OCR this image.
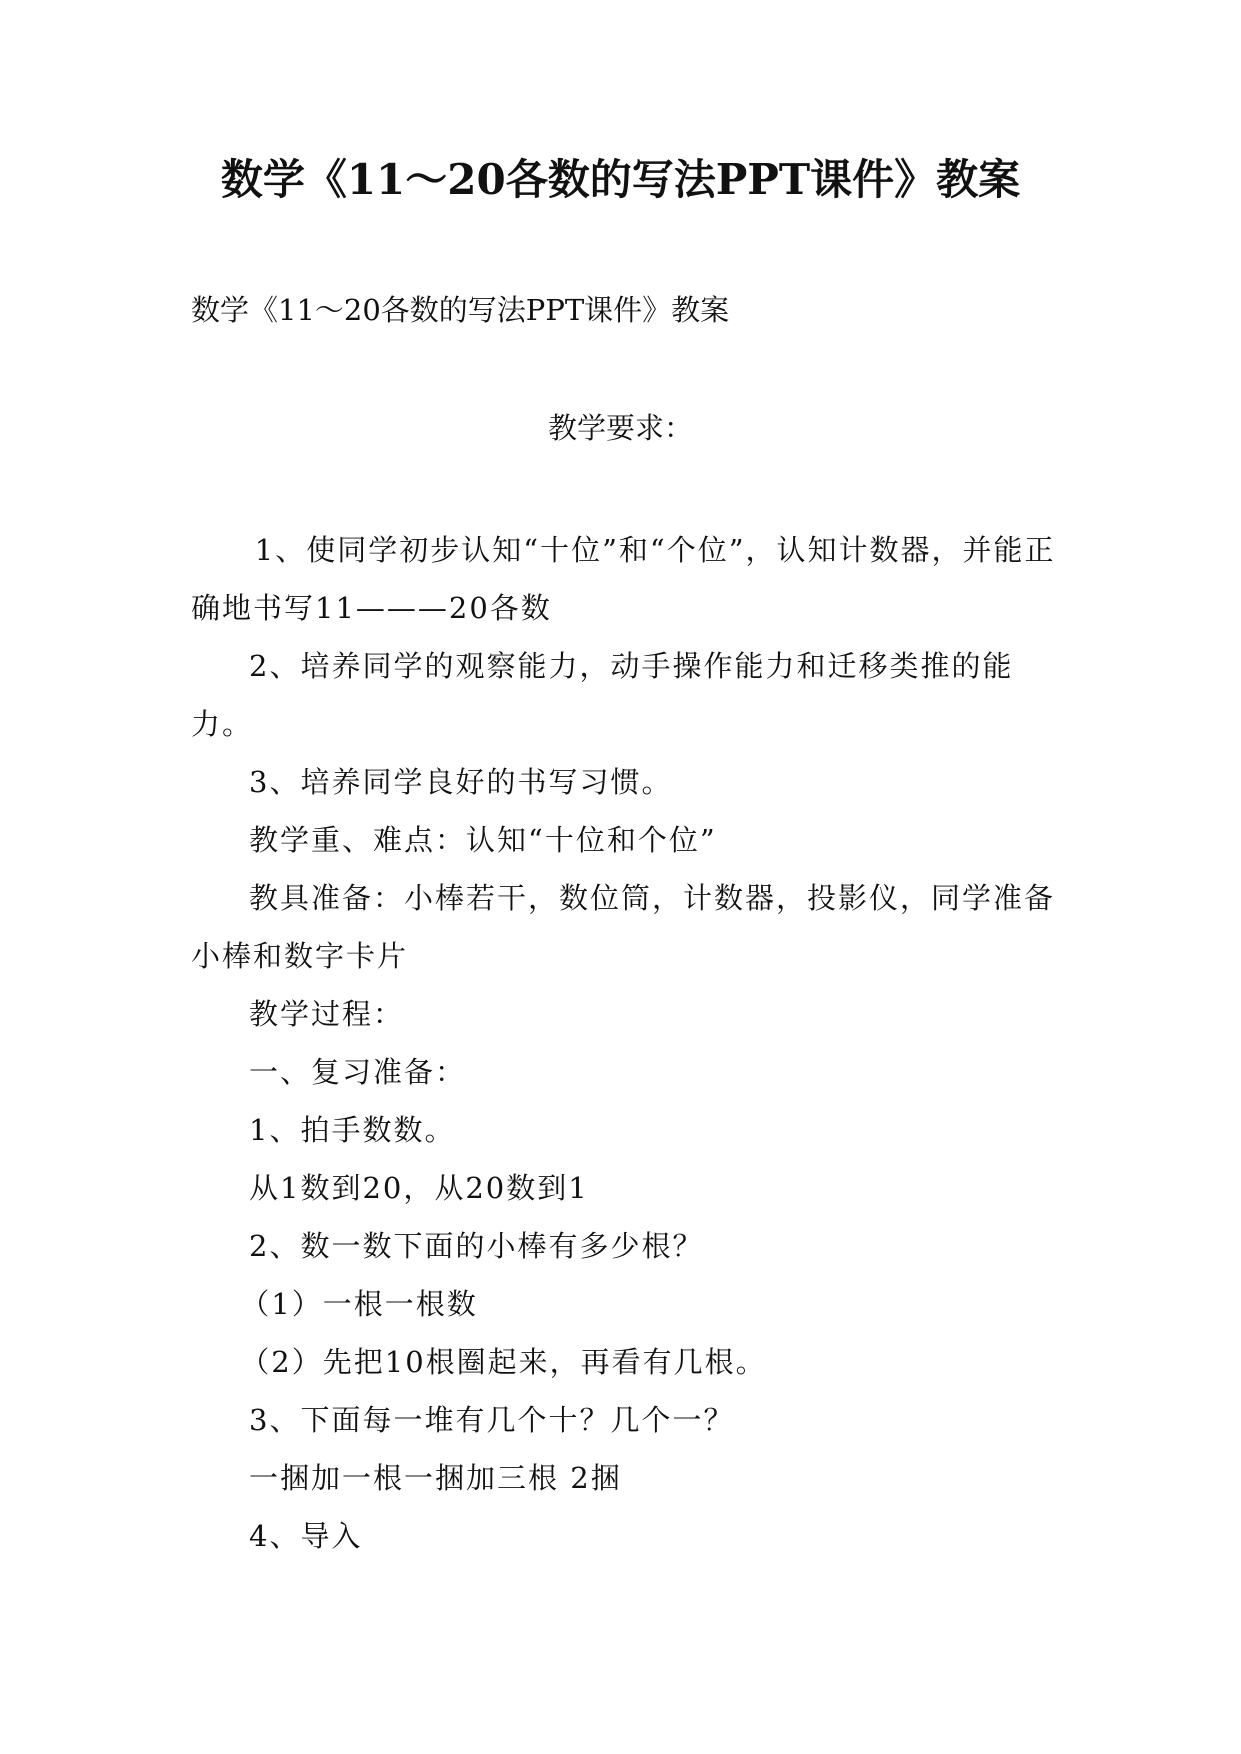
数学《11～20各数的写法PPT课件》教案
数学《11～20各数的写法PPT课件》教案
教学要求：

1、使同学初步认知“十位”和“个位”，认知计数器，并能正确地书写11———20各数

2、培养同学的观察能力，动手操作能力和迁移类推的能力。

3、培养同学良好的书写习惯。

教学重、难点：认知“十位和个位”

教具准备：小棒若干，数位筒，计数器，投影仪，同学准备小棒和数字卡片

教学过程：

一、复习准备：

1、拍手数数。

从1数到20，从20数到1

2、数一数下面的小棒有多少根？

（1）一根一根数

（2）先把10根圈起来，再看有几根。

3、下面每一堆有几个十？几个一？

一捆加一根一捆加三根 2捆

4、导入
